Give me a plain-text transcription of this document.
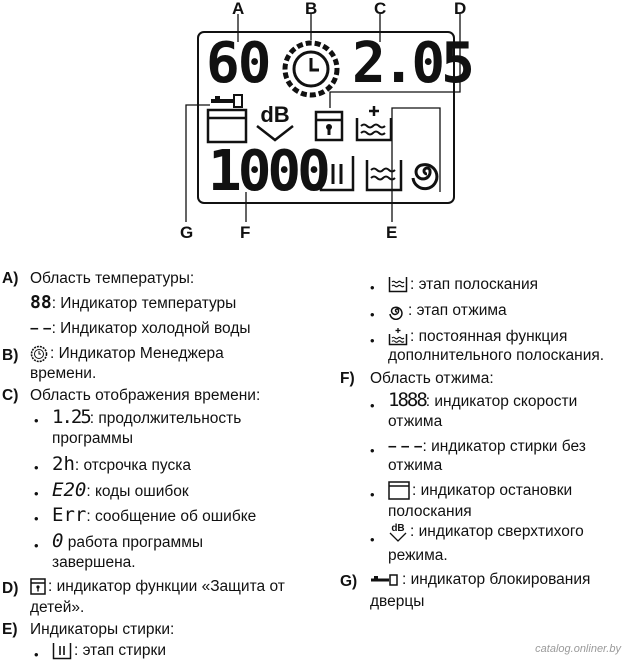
A	B	C	D
G	F	E
60 2.05
1000
dB
A) Область температуры:
88: Индикатор температуры
– –: Индикатор холодной воды
B)	: Индикатор Менеджера
времени.
C) Область отображения времени:
• 1.25: продолжительность
программы
• 2h: отсрочка пуска
• E20: коды ошибок
• Err: сообщение об ошибке
• 0 работа программы
завершена.
D)	: индикатор функции «Защита от
детей».
E) Индикаторы стирки:
•	: этап стирки
•	: этап полоскания
•	: этап отжима
•	: постоянная функция
дополнительного полоскания.
F) Область отжима:
• 1888: индикатор скорости
отжима
• – – –: индикатор стирки без
отжима
•	: индикатор остановки
полоскания
•
dB : индикатор сверхтихого
режима.
G)	: индикатор блокирования
дверцы
catalog.onliner.by
